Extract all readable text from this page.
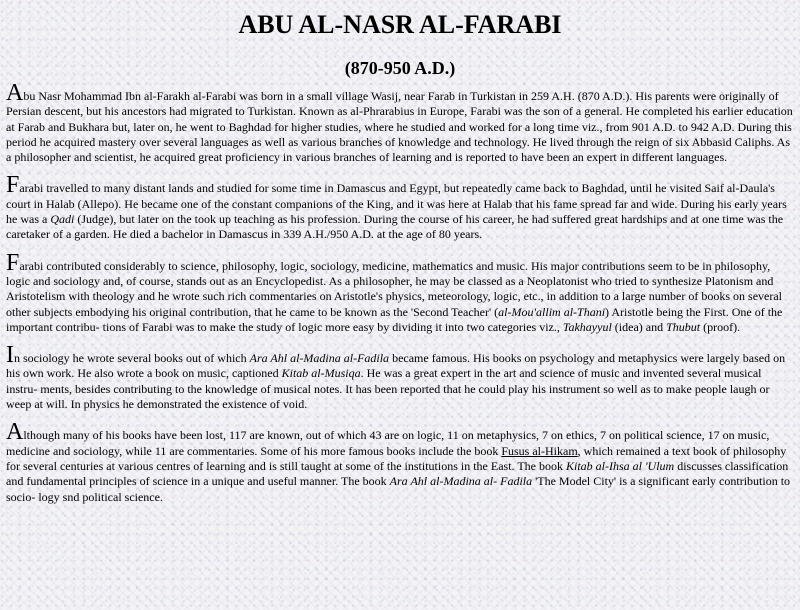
ABU AL-NASR AL-FARABI
(870-950 A.D.)

Abu Nasr Mohammad Ibn al-Farakh al-Farabi was born in a small village Wasij, near Farab in Turkistan in 259 A.H. (870 A.D.). His parents were originally of Persian descent, but his ancestors had migrated to Turkistan. Known as al-Phrarabius in Europe, Farabi was the son of a general. He completed his earlier education at Farab and Bukhara but, later on, he went to Baghdad for higher studies, where he studied and worked for a long time viz., from 901 A.D. to 942 A.D. During this period he acquired mastery over several languages as well as various branches of knowledge and technology. He lived through the reign of six Abbasid Caliphs. As a philosopher and scientist, he acquired great proficiency in various branches of learning and is reported to have been an expert in different languages.

Farabi travelled to many distant lands and studied for some time in Damascus and Egypt, but repeatedly came back to Baghdad, until he visited Saif al-Daula's court in Halab (Allepo). He became one of the constant companions of the King, and it was here at Halab that his fame spread far and wide. During his early years he was a Qadi (Judge), but later on the took up teaching as his profession. During the course of his career, he had suffered great hardships and at one time was the caretaker of a garden. He died a bachelor in Damascus in 339 A.H./950 A.D. at the age of 80 years.

Farabi contributed considerably to science, philosophy, logic, sociology, medicine, mathematics and music. His major contributions seem to be in philosophy, logic and sociology and, of course, stands out as an Encyclopedist. As a philosopher, he may be classed as a Neoplatonist who tried to synthesize Platonism and Aristotelism with theology and he wrote such rich commentaries on Aristotle's physics, meteorology, logic, etc., in addition to a large number of books on several other subjects embodying his original contribution, that he came to be known as the 'Second Teacher' (al-Mou'allim al-Thani) Aristotle being the First. One of the important contribu- tions of Farabi was to make the study of logic more easy by dividing it into two categories viz., Takhayyul (idea) and Thubut (proof).

In sociology he wrote several books out of which Ara Ahl al-Madina al-Fadila became famous. His books on psychology and metaphysics were largely based on his own work. He also wrote a book on music, captioned Kitab al-Musiqa. He was a great expert in the art and science of music and invented several musical instru- ments, besides contributing to the knowledge of musical notes. It has been reported that he could play his instrument so well as to make people laugh or weep at will. In physics he demonstrated the existence of void.

Although many of his books have been lost, 117 are known, out of which 43 are on logic, 11 on metaphysics, 7 on ethics, 7 on political science, 17 on music, medicine and sociology, while 11 are commentaries. Some of his more famous books include the book Fusus al-Hikam, which remained a text book of philosophy for several centuries at various centres of learning and is still taught at some of the institutions in the East. The book Kitab al-Ihsa al 'Ulum discusses classification and fundamental principles of science in a unique and useful manner. The book Ara Ahl al-Madina al- Fadila 'The Model City' is a significant early contribution to socio- logy snd political science.
